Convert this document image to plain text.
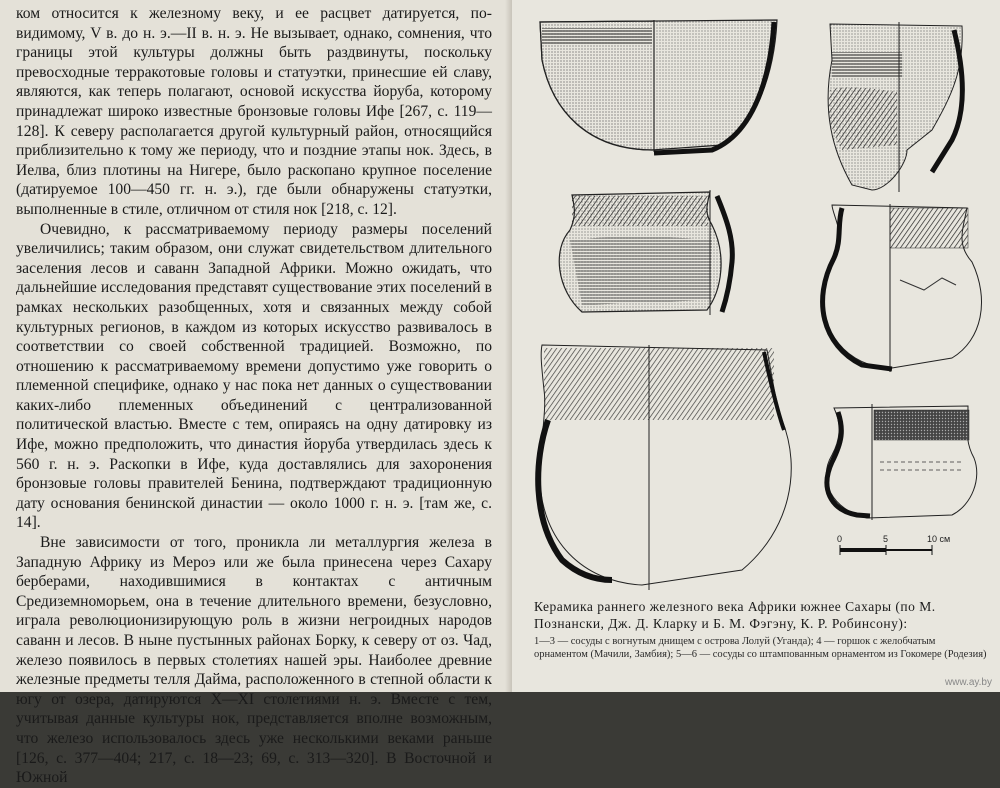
ком относится к железному веку, и ее расцвет датируется, по-видимому, V в. до н. э.—II в. н. э. Не вызывает, однако, сомнения, что границы этой культуры должны быть раздвинуты, поскольку превосходные терракотовые головы и статуэтки, принесшие ей славу, являются, как теперь полагают, основой искусства йоруба, которому принадлежат широко известные бронзовые головы Ифе [267, с. 119—128]. К северу располагается другой культурный район, относящийся приблизительно к тому же периоду, что и поздние этапы нок. Здесь, в Иелва, близ плотины на Нигере, было раскопано крупное поселение (датируемое 100—450 гг. н. э.), где были обнаружены статуэтки, выполненные в стиле, отличном от стиля нок [218, с. 12].

Очевидно, к рассматриваемому периоду размеры поселений увеличились; таким образом, они служат свидетельством длительного заселения лесов и саванн Западной Африки. Можно ожидать, что дальнейшие исследования представят существование этих поселений в рамках нескольких разобщенных, хотя и связанных между собой культурных регионов, в каждом из которых искусство развивалось в соответствии со своей собственной традицией. Возможно, по отношению к рассматриваемому времени допустимо уже говорить о племенной специфике, однако у нас пока нет данных о существовании каких-либо племенных объединений с централизованной политической властью. Вместе с тем, опираясь на одну датировку из Ифе, можно предположить, что династия йоруба утвердилась здесь к 560 г. н. э. Раскопки в Ифе, куда доставлялись для захоронения бронзовые головы правителей Бенина, подтверждают традиционную дату основания бенинской династии — около 1000 г. н. э. [там же, с. 14].

Вне зависимости от того, проникла ли металлургия железа в Западную Африку из Мероэ или же была принесена через Сахару берберами, находившимися в контактах с античным Средиземноморьем, она в течение длительного времени, безусловно, играла революционизирующую роль в жизни негроидных народов саванн и лесов. В ныне пустынных районах Борку, к северу от оз. Чад, железо появилось в первых столетиях нашей эры. Наиболее древние железные предметы телля Дайма, расположенного в степной области к югу от озера, датируются X—XI столетиями н. э. Вместе с тем, учитывая данные культуры нок, представляется вполне возможным, что железо использовалось здесь уже несколькими веками раньше [126, с. 377—404; 217, с. 18—23; 69, с. 313—320]. В Восточной и Южной

0	5	10 см
Керамика раннего железного века Африки южнее Сахары (по М. Познански, Дж. Д. Кларку и Б. М. Фэгэну, К. Р. Робинсону):
1—3 — сосуды с вогнутым днищем с острова Лолуй (Уганда); 4 — горшок с желобчатым орнаментом (Мачили, Замбия); 5—6 — сосуды со штампованным орнаментом из Гокомере (Родезия)
www.ay.by
